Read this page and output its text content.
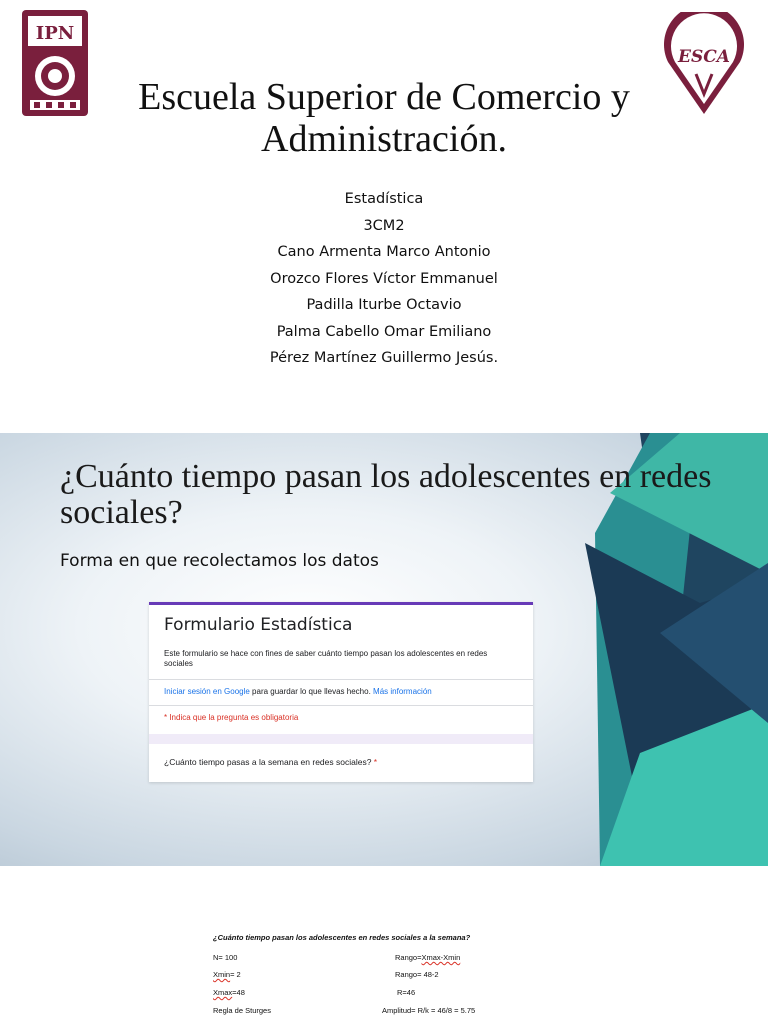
IPN
ESCA
Escuela Superior de Comercio y Administración.
Estadística
3CM2
Cano Armenta Marco Antonio
Orozco Flores Víctor Emmanuel
Padilla Iturbe Octavio
Palma Cabello Omar Emiliano
Pérez Martínez Guillermo Jesús.
¿Cuánto tiempo pasan los adolescentes en redes sociales?
Forma en que recolectamos los datos
Formulario Estadística
Este formulario se hace con fines de saber cuánto tiempo pasan los adolescentes en redes sociales
Iniciar sesión en Google para guardar lo que llevas hecho. Más información
* Indica que la pregunta es obligatoria
¿Cuánto tiempo pasas a la semana en redes sociales? *
¿Cuánto tiempo pasan los adolescentes en redes sociales a la semana?
N= 100	Rango=Xmax-Xmin
Xmin= 2	Rango= 48-2
Xmax=48	R=46
Regla de Sturges	Amplitud= R/k = 46/8 = 5.75
